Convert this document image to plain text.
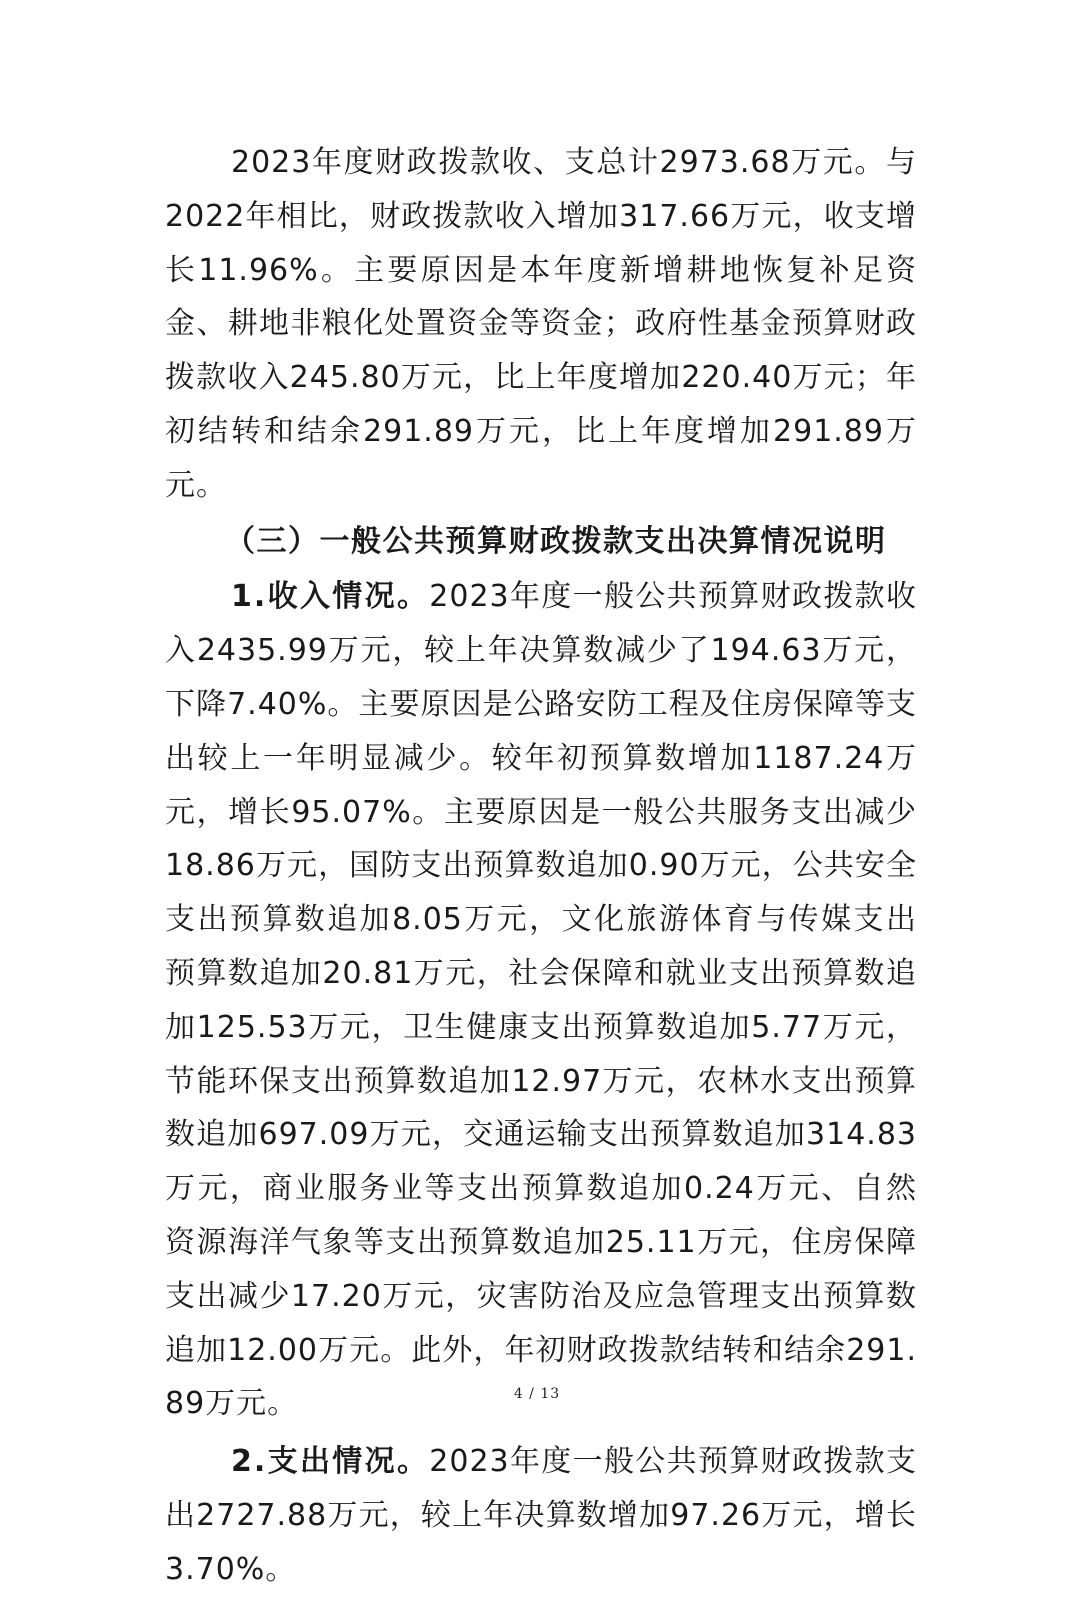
2023年度财政拨款收、支总计2973.68万元。与2022年相比，财政拨款收入增加317.66万元，收支增长11.96%。主要原因是本年度新增耕地恢复补足资金、耕地非粮化处置资金等资金；政府性基金预算财政拨款收入245.80万元，比上年度增加220.40万元；年初结转和结余291.89万元，比上年度增加291.89万元。

（三）一般公共预算财政拨款支出决算情况说明

1.收入情况。2023年度一般公共预算财政拨款收入2435.99万元，较上年决算数减少了194.63万元，下降7.40%。主要原因是公路安防工程及住房保障等支出较上一年明显减少。较年初预算数增加1187.24万元，增长95.07%。主要原因是一般公共服务支出减少18.86万元，国防支出预算数追加0.90万元，公共安全支出预算数追加8.05万元，文化旅游体育与传媒支出预算数追加20.81万元，社会保障和就业支出预算数追加125.53万元，卫生健康支出预算数追加5.77万元，节能环保支出预算数追加12.97万元，农林水支出预算数追加697.09万元，交通运输支出预算数追加314.83万元，商业服务业等支出预算数追加0.24万元、自然资源海洋气象等支出预算数追加25.11万元，住房保障支出减少17.20万元，灾害防治及应急管理支出预算数追加12.00万元。此外，年初财政拨款结转和结余291.89万元。

2.支出情况。2023年度一般公共预算财政拨款支出2727.88万元，较上年决算数增加97.26万元，增长3.70%。

4 / 13
